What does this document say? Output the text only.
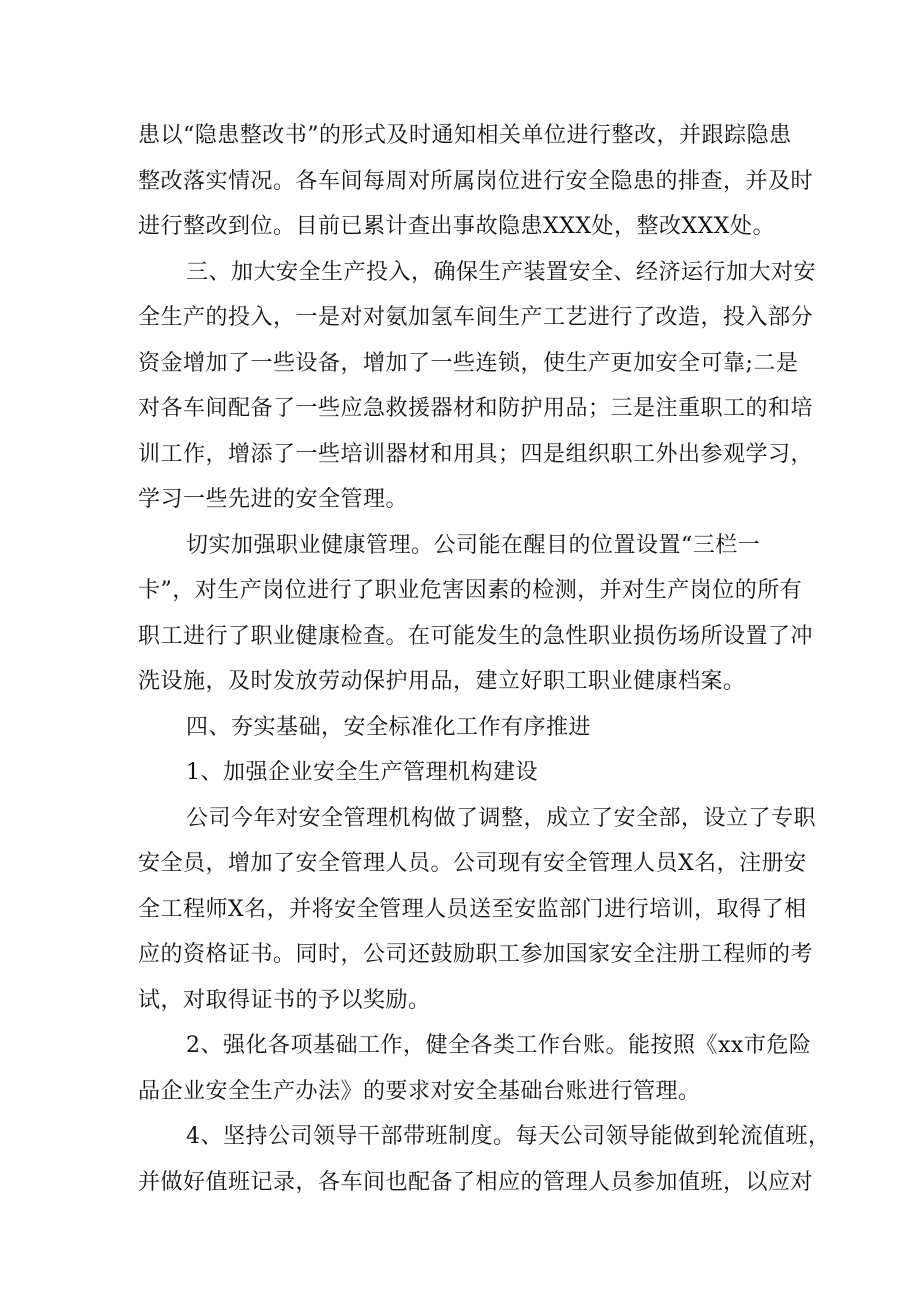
患以“隐患整改书”的形式及时通知相关单位进行整改，并跟踪隐患
整改落实情况。各车间每周对所属岗位进行安全隐患的排查，并及时
进行整改到位。目前已累计查出事故隐患XXX处，整改XXX处。
三、加大安全生产投入，确保生产装置安全、经济运行加大对安
全生产的投入，一是对对氨加氢车间生产工艺进行了改造，投入部分
资金增加了一些设备，增加了一些连锁，使生产更加安全可靠;二是
对各车间配备了一些应急救援器材和防护用品；三是注重职工的和培
训工作，增添了一些培训器材和用具；四是组织职工外出参观学习，
学习一些先进的安全管理。
切实加强职业健康管理。公司能在醒目的位置设置“三栏一
卡”，对生产岗位进行了职业危害因素的检测，并对生产岗位的所有
职工进行了职业健康检查。在可能发生的急性职业损伤场所设置了冲
洗设施，及时发放劳动保护用品，建立好职工职业健康档案。
四、夯实基础，安全标准化工作有序推进
1、加强企业安全生产管理机构建设
公司今年对安全管理机构做了调整，成立了安全部，设立了专职
安全员，增加了安全管理人员。公司现有安全管理人员X名，注册安
全工程师X名，并将安全管理人员送至安监部门进行培训，取得了相
应的资格证书。同时，公司还鼓励职工参加国家安全注册工程师的考
试，对取得证书的予以奖励。
2、强化各项基础工作，健全各类工作台账。能按照《xx市危险
品企业安全生产办法》的要求对安全基础台账进行管理。
4、坚持公司领导干部带班制度。每天公司领导能做到轮流值班，
并做好值班记录，各车间也配备了相应的管理人员参加值班，以应对
